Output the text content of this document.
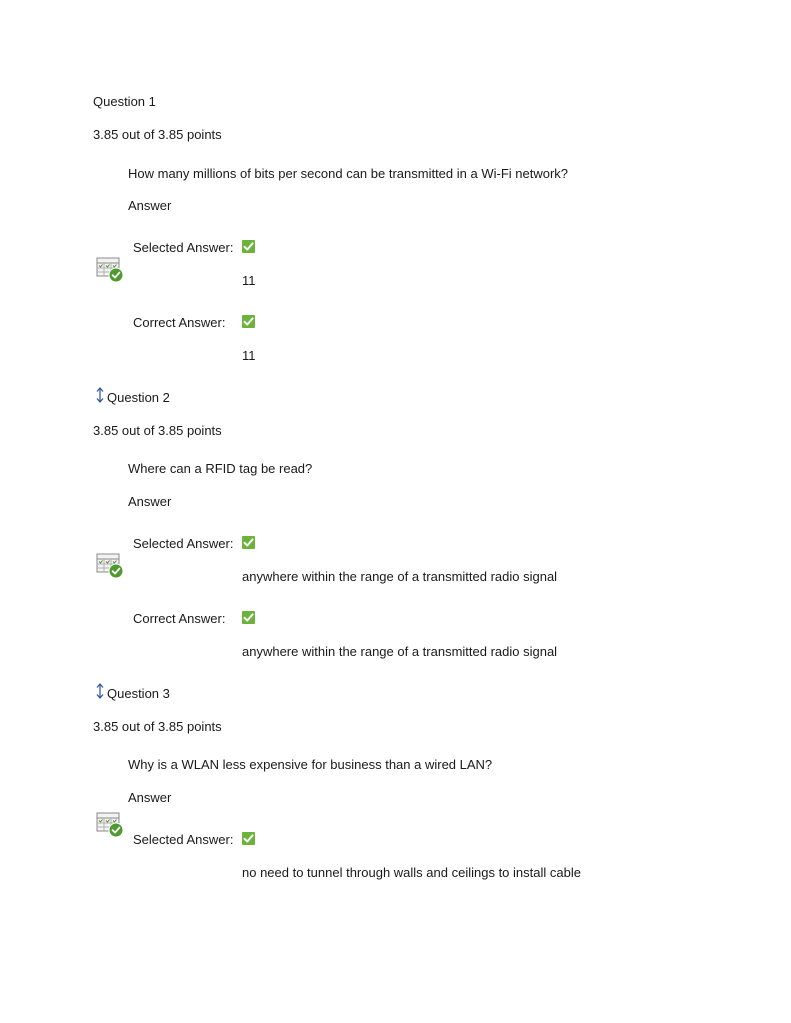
Question 1
3.85 out of 3.85 points
How many millions of bits per second can be transmitted in a Wi-Fi network?
Answer
Selected Answer:
11
Correct Answer:
11
Question 2
3.85 out of 3.85 points
Where can a RFID tag be read?
Answer
Selected Answer:
anywhere within the range of a transmitted radio signal
Correct Answer:
anywhere within the range of a transmitted radio signal
Question 3
3.85 out of 3.85 points
Why is a WLAN less expensive for business than a wired LAN?
Answer
Selected Answer:
no need to tunnel through walls and ceilings to install cable
